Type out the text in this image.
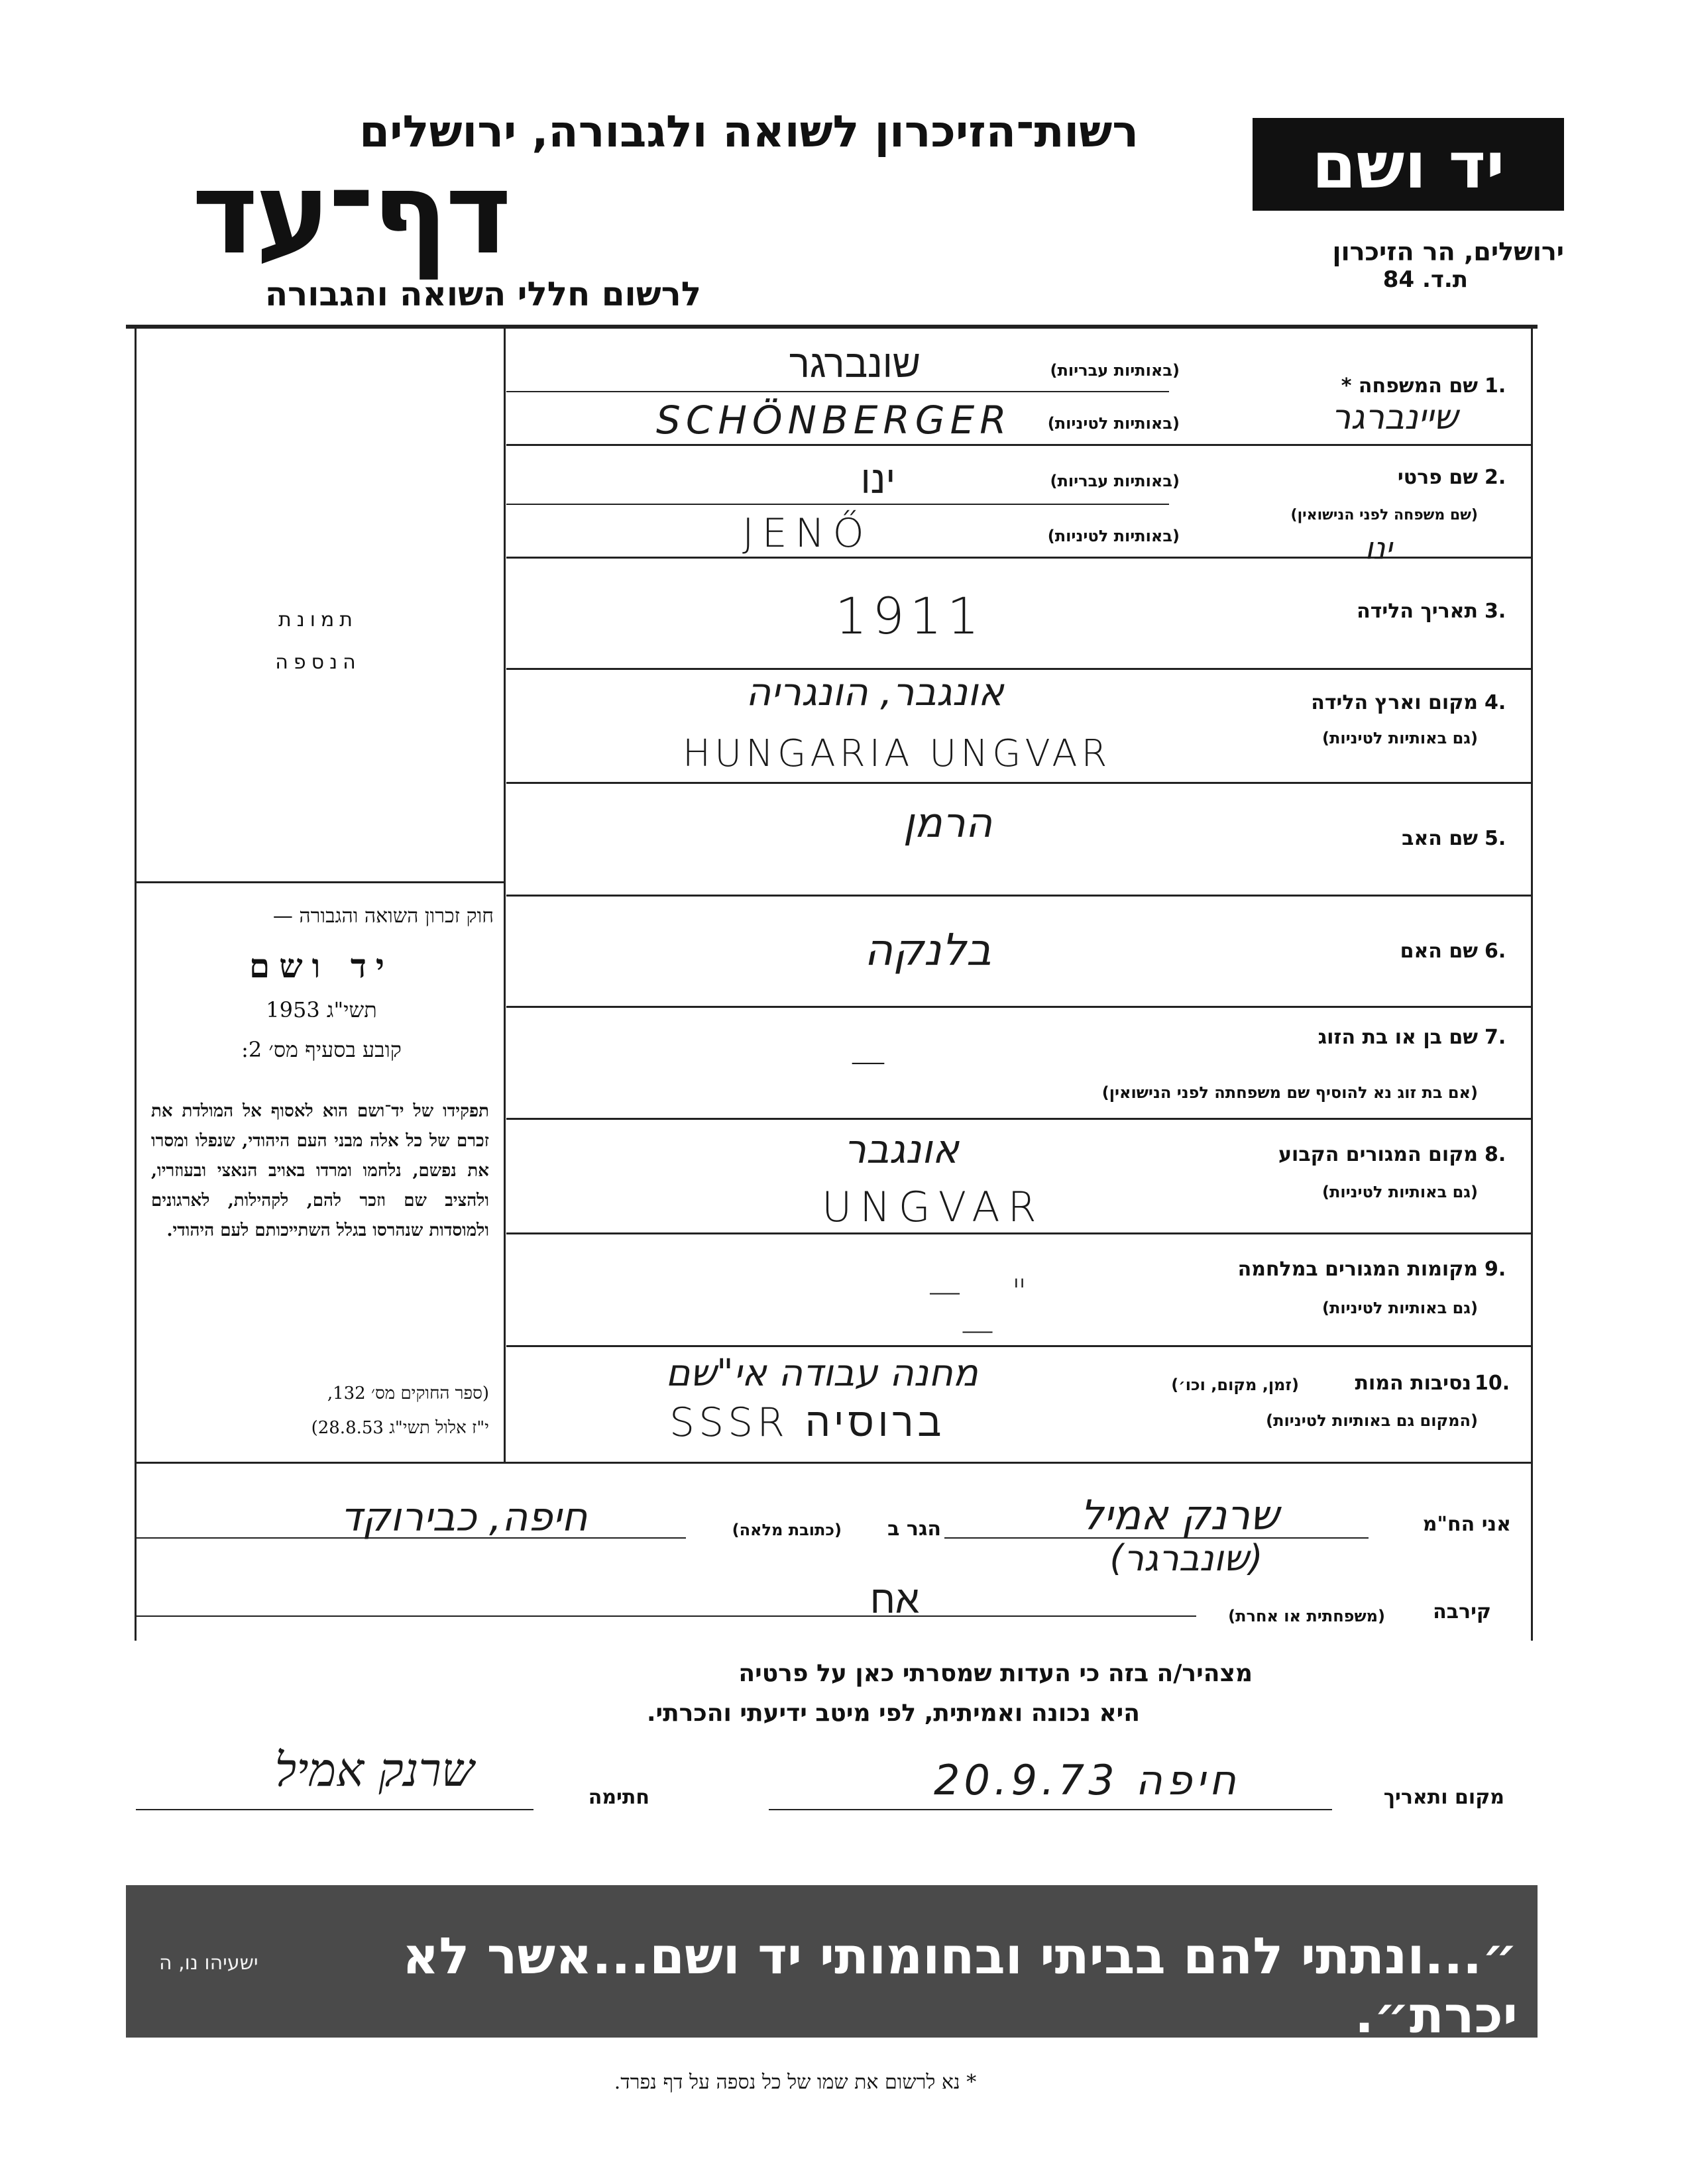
רשות־הזיכרון לשואה ולגבורה, ירושלים
דף־עד
לרשום חללי השואה והגבורה
יד ושם
ירושלים, הר הזיכרון
ת.ד. 84
תמונת
הנספה
חוק זכרון השואה והגבורה —
יד ושם
תשי"ג 1953
קובע בסעיף מס׳ 2:
תפקידו של יד־ושם הוא לאסוף אל המולדת את זכרם של כל אלה מבני העם היהודי, שנפלו ומסרו את נפשם, נלחמו ומרדו באויב הנאצי ובעוזריו, ולהציב שם וזכר להם, לקהילות, לארגונים ולמוסדות שנהרסו בגלל השתייכותם לעם היהודי.
(ספר החוקים מס׳ 132,
י"ז אלול תשי"ג 28.8.53)
1.
שם המשפחה *
(באותיות עבריות)
(באותיות לטיניות)
שונברגר
SCHÖNBERGER	שיינברגר
2.
שם פרטי
(שם משפחה לפני הנישואין)
(באותיות עבריות)
(באותיות לטיניות)
ינו
JENŐ	ינו
3.
תאריך הלידה
1911
4.
מקום וארץ הלידה
(גם באותיות לטיניות)
אונגבר, הונגריה
HUNGARIA UNGVAR
5.
שם האב
הרמן
6.
שם האם
בלנקה
7.
שם בן או בת הזוג
(אם בת זוג נא להוסיף שם משפחתה לפני הנישואין)
—
8.
מקום המגורים הקבוע
(גם באותיות לטיניות)
אונגבר
UNGVAR
9.
מקומות המגורים במלחמה
(גם באותיות לטיניות)
— " —
10.
נסיבות המות
(זמן, מקום, וכו׳)
(המקום גם באותיות לטיניות)
מחנה עבודה אי"שם
SSSR ברוסיה
אני הח"מ
שרנק אמיל
(שונברגר)
הגר ב
(כתובת מלאה)
חיפה, כבירוקד
קירבה
(משפחתית או אחרת)
אח
מצהיר/ה בזה כי העדות שמסרתי כאן על פרטיה
היא נכונה ואמיתית, לפי מיטב ידיעתי והכרתי.
מקום ותאריך
חיפה 20.9.73
חתימה
שרנק אמיל
״...ונתתי להם בביתי ובחומותי יד ושם...אשר לא יכרת״.
ישעיהו נו, ה
* נא לרשום את שמו של כל נספה על דף נפרד.
